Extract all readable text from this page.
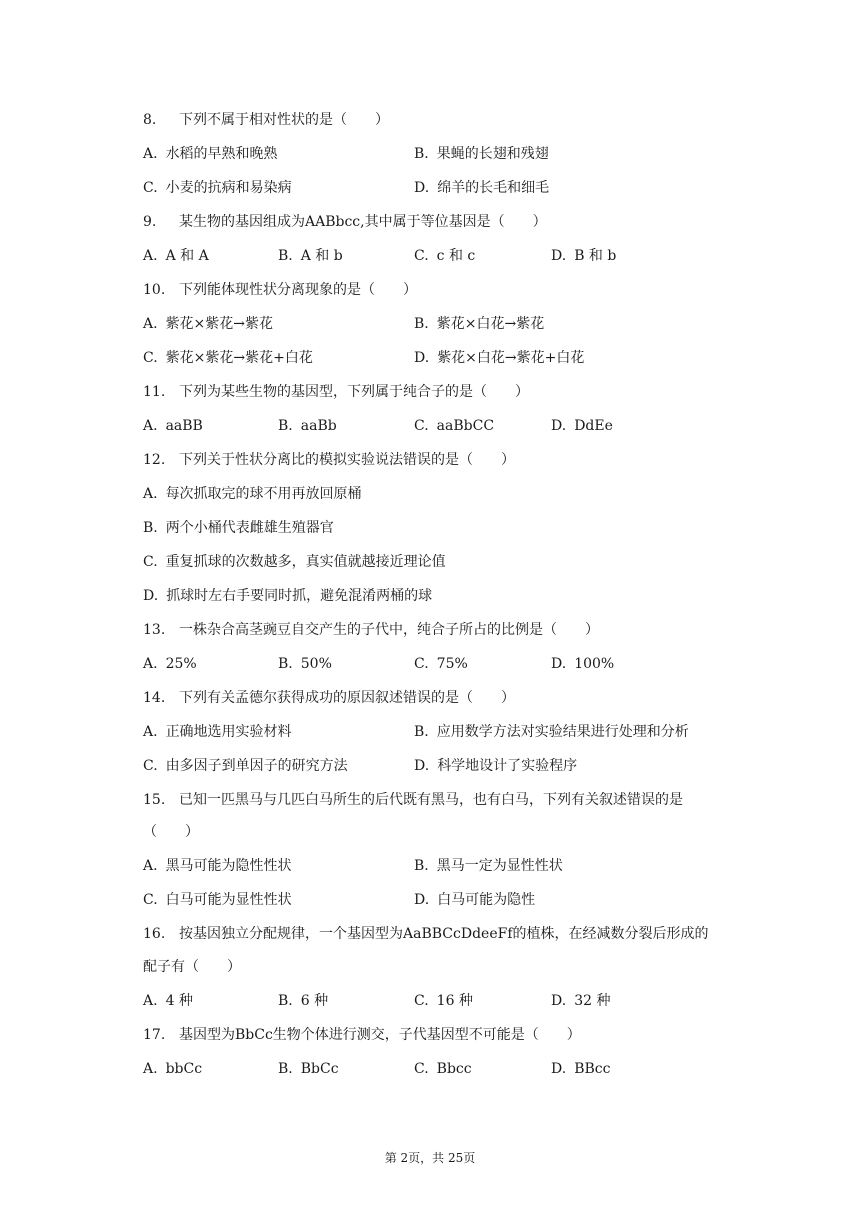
8. 下列不属于相对性状的是（　　）
A. 水稻的早熟和晚熟	B. 果蝇的长翅和残翅
C. 小麦的抗病和易染病	D. 绵羊的长毛和细毛
9. 某生物的基因组成为AABbcc,其中属于等位基因是（　　）
A. A 和 A	B. A 和 b	C. c 和 c	D. B 和 b
10. 下列能体现性状分离现象的是（　　）
A. 紫花×紫花→紫花	B. 紫花×白花→紫花
C. 紫花×紫花→紫花+白花	D. 紫花×白花→紫花+白花
11. 下列为某些生物的基因型，下列属于纯合子的是（　　）
A. aaBB	B. aaBb	C. aaBbCC	D. DdEe
12. 下列关于性状分离比的模拟实验说法错误的是（　　）
A. 每次抓取完的球不用再放回原桶
B. 两个小桶代表雌雄生殖器官
C. 重复抓球的次数越多，真实值就越接近理论值
D. 抓球时左右手要同时抓，避免混淆两桶的球
13. 一株杂合高茎豌豆自交产生的子代中，纯合子所占的比例是（　　）
A. 25%	B. 50%	C. 75%	D. 100%
14. 下列有关孟德尔获得成功的原因叙述错误的是（　　）
A. 正确地选用实验材料	B. 应用数学方法对实验结果进行处理和分析
C. 由多因子到单因子的研究方法	D. 科学地设计了实验程序
15. 已知一匹黑马与几匹白马所生的后代既有黑马，也有白马，下列有关叙述错误的是
（　　）
A. 黑马可能为隐性性状	B. 黑马一定为显性性状
C. 白马可能为显性性状	D. 白马可能为隐性
16. 按基因独立分配规律，一个基因型为AaBBCcDdeeFf的植株，在经减数分裂后形成的
配子有（　　）
A. 4 种	B. 6 种	C. 16 种	D. 32 种
17. 基因型为BbCc生物个体进行测交，子代基因型不可能是（　　）
A. bbCc	B. BbCc	C. Bbcc	D. BBcc
第 2页，共 25页
